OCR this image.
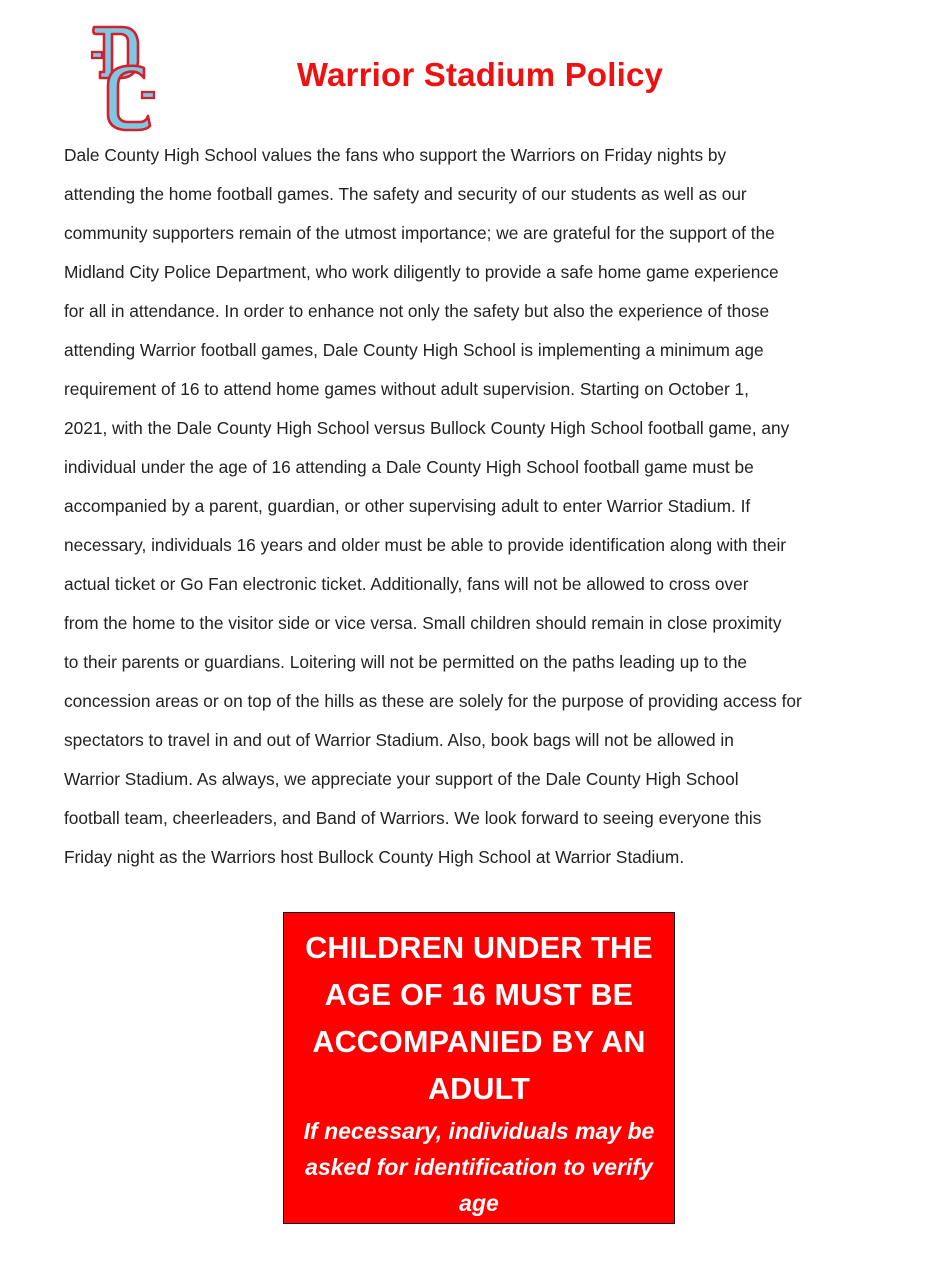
Warrior Stadium Policy

Dale County High School values the fans who support the Warriors on Friday nights by
attending the home football games. The safety and security of our students as well as our
community supporters remain of the utmost importance; we are grateful for the support of the
Midland City Police Department, who work diligently to provide a safe home game experience
for all in attendance. In order to enhance not only the safety but also the experience of those
attending Warrior football games, Dale County High School is implementing a minimum age
requirement of 16 to attend home games without adult supervision. Starting on October 1,
2021, with the Dale County High School versus Bullock County High School football game, any
individual under the age of 16 attending a Dale County High School football game must be
accompanied by a parent, guardian, or other supervising adult to enter Warrior Stadium. If
necessary, individuals 16 years and older must be able to provide identification along with their
actual ticket or Go Fan electronic ticket. Additionally, fans will not be allowed to cross over
from the home to the visitor side or vice versa. Small children should remain in close proximity
to their parents or guardians. Loitering will not be permitted on the paths leading up to the
concession areas or on top of the hills as these are solely for the purpose of providing access for
spectators to travel in and out of Warrior Stadium. Also, book bags will not be allowed in
Warrior Stadium. As always, we appreciate your support of the Dale County High School
football team, cheerleaders, and Band of Warriors. We look forward to seeing everyone this
Friday night as the Warriors host Bullock County High School at Warrior Stadium.

CHILDREN UNDER THE
AGE OF 16 MUST BE
ACCOMPANIED BY AN
ADULT
If necessary, individuals may be
asked for identification to verify
age
